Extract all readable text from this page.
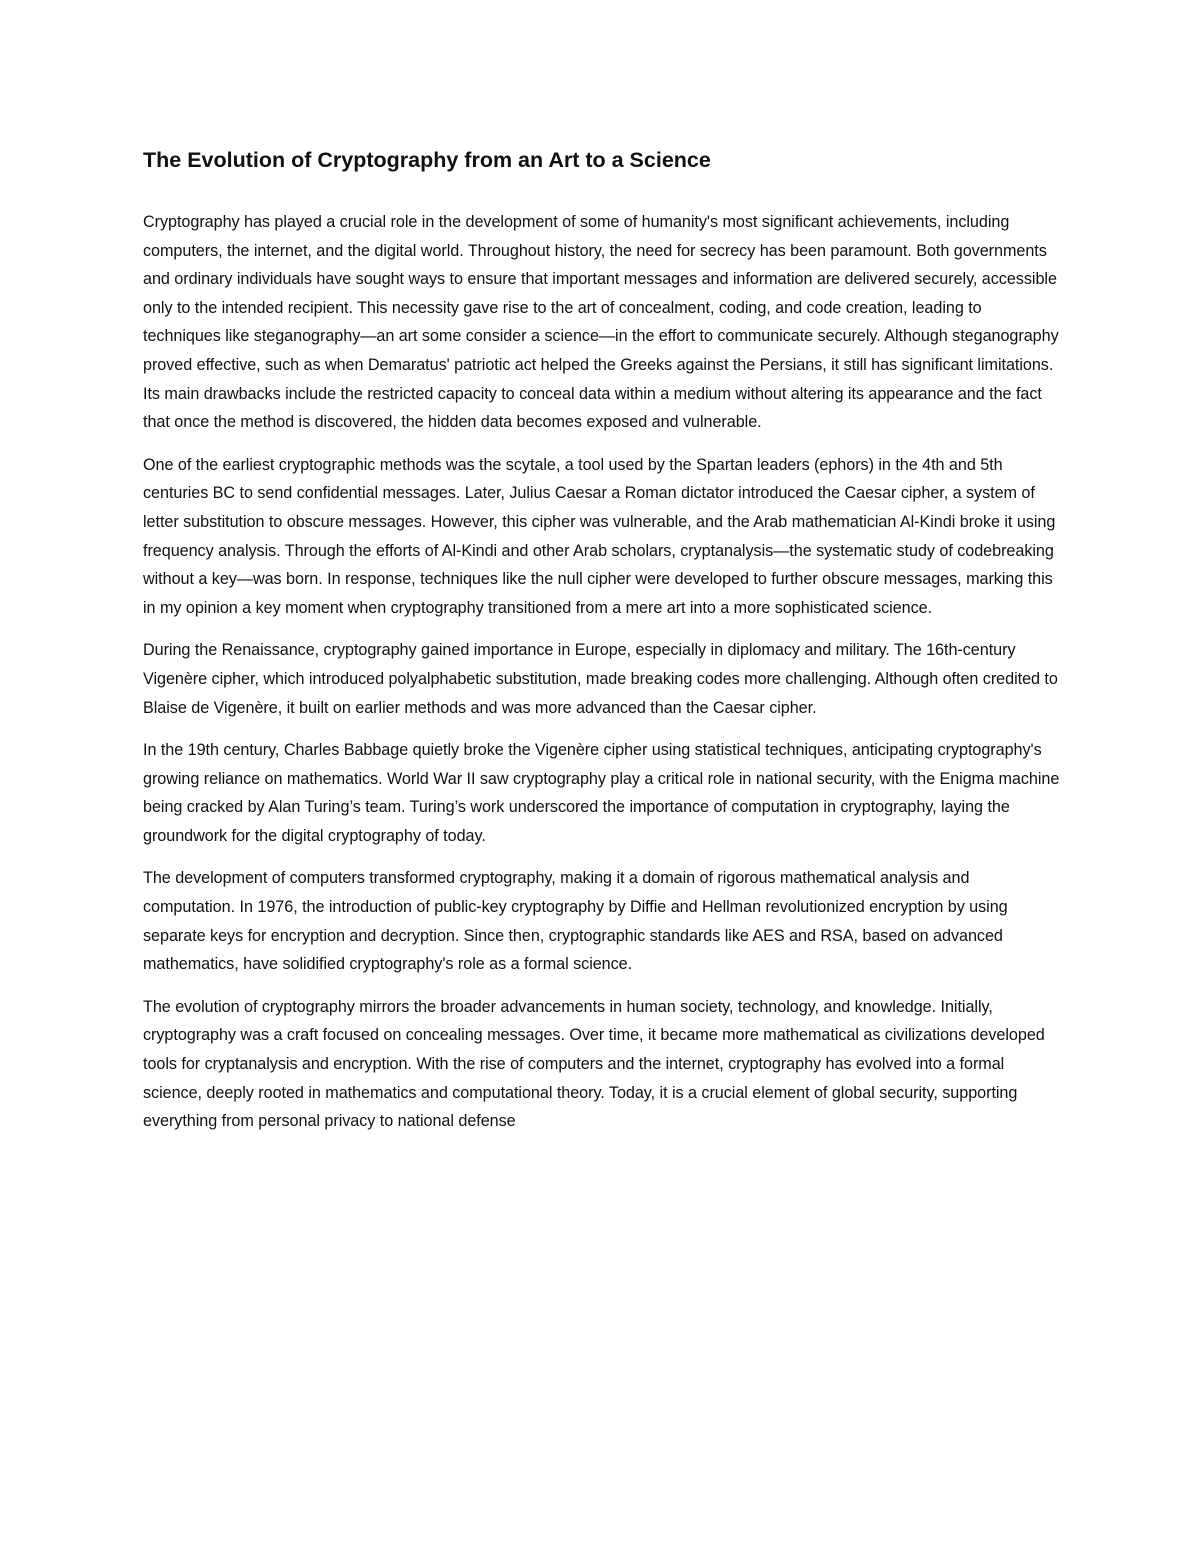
The Evolution of Cryptography from an Art to a Science

Cryptography has played a crucial role in the development of some of humanity's most significant achievements, including computers, the internet, and the digital world. Throughout history, the need for secrecy has been paramount. Both governments and ordinary individuals have sought ways to ensure that important messages and information are delivered securely, accessible only to the intended recipient. This necessity gave rise to the art of concealment, coding, and code creation, leading to techniques like steganography—an art some consider a science—in the effort to communicate securely. Although steganography proved effective, such as when Demaratus' patriotic act helped the Greeks against the Persians, it still has significant limitations. Its main drawbacks include the restricted capacity to conceal data within a medium without altering its appearance and the fact that once the method is discovered, the hidden data becomes exposed and vulnerable.

One of the earliest cryptographic methods was the scytale, a tool used by the Spartan leaders (ephors) in the 4th and 5th centuries BC to send confidential messages. Later, Julius Caesar a Roman dictator introduced the Caesar cipher, a system of letter substitution to obscure messages. However, this cipher was vulnerable, and the Arab mathematician Al-Kindi broke it using frequency analysis. Through the efforts of Al-Kindi and other Arab scholars, cryptanalysis—the systematic study of codebreaking without a key—was born. In response, techniques like the null cipher were developed to further obscure messages, marking this in my opinion a key moment when cryptography transitioned from a mere art into a more sophisticated science.

During the Renaissance, cryptography gained importance in Europe, especially in diplomacy and military. The 16th-century Vigenère cipher, which introduced polyalphabetic substitution, made breaking codes more challenging. Although often credited to Blaise de Vigenère, it built on earlier methods and was more advanced than the Caesar cipher.

In the 19th century, Charles Babbage quietly broke the Vigenère cipher using statistical techniques, anticipating cryptography's growing reliance on mathematics. World War II saw cryptography play a critical role in national security, with the Enigma machine being cracked by Alan Turing’s team. Turing’s work underscored the importance of computation in cryptography, laying the groundwork for the digital cryptography of today.

The development of computers transformed cryptography, making it a domain of rigorous mathematical analysis and computation. In 1976, the introduction of public-key cryptography by Diffie and Hellman revolutionized encryption by using separate keys for encryption and decryption. Since then, cryptographic standards like AES and RSA, based on advanced mathematics, have solidified cryptography's role as a formal science.

The evolution of cryptography mirrors the broader advancements in human society, technology, and knowledge. Initially, cryptography was a craft focused on concealing messages. Over time, it became more mathematical as civilizations developed tools for cryptanalysis and encryption. With the rise of computers and the internet, cryptography has evolved into a formal science, deeply rooted in mathematics and computational theory. Today, it is a crucial element of global security, supporting everything from personal privacy to national defense
